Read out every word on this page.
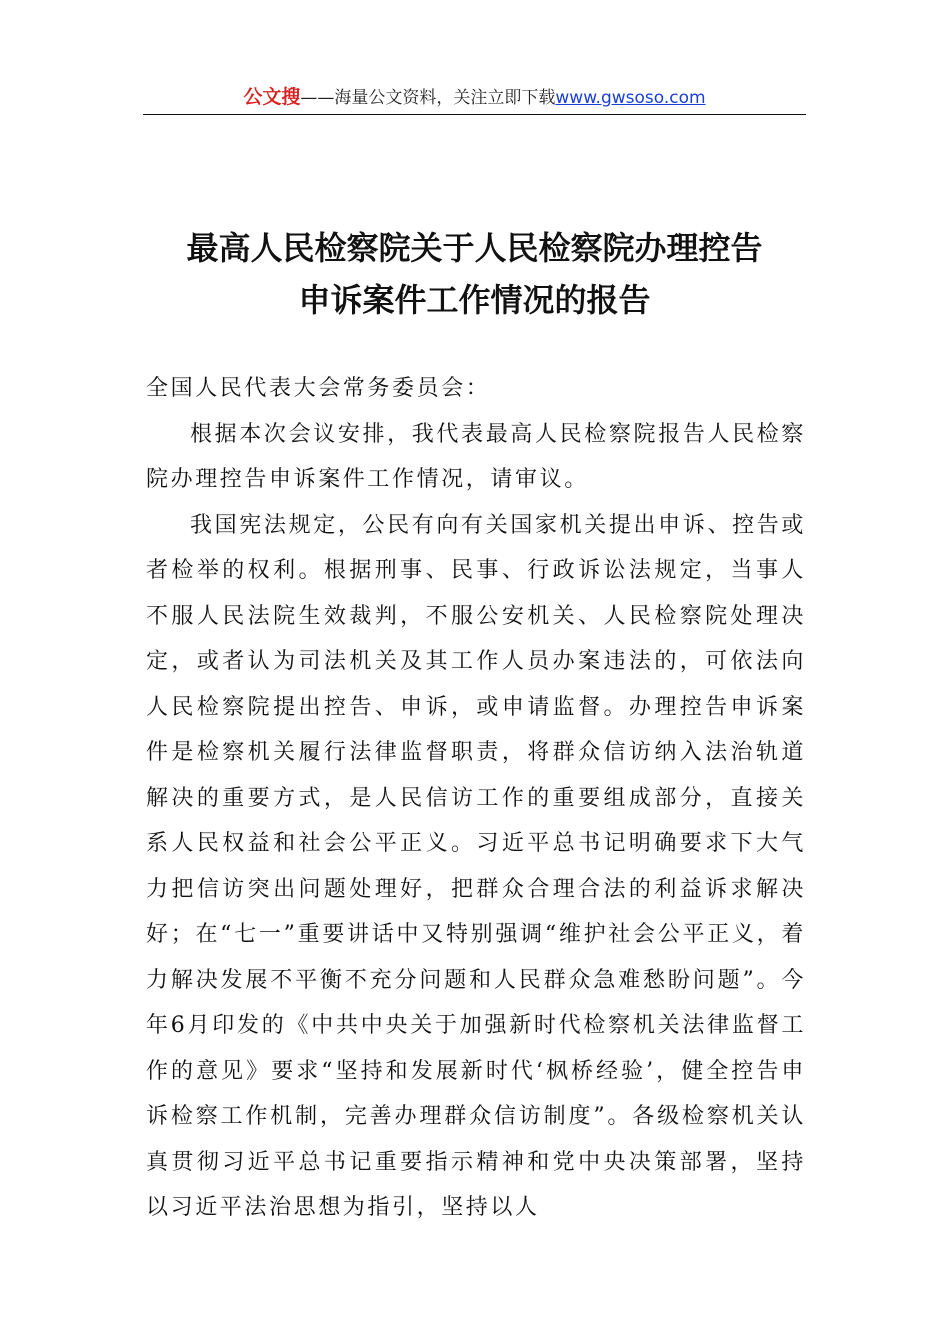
公文搜——海量公文资料，关注立即下载www.gwsoso.com
最高人民检察院关于人民检察院办理控告
申诉案件工作情况的报告

全国人民代表大会常务委员会：

根据本次会议安排，我代表最高人民检察院报告人民检察院办理控告申诉案件工作情况，请审议。

我国宪法规定，公民有向有关国家机关提出申诉、控告或者检举的权利。根据刑事、民事、行政诉讼法规定，当事人不服人民法院生效裁判，不服公安机关、人民检察院处理决定，或者认为司法机关及其工作人员办案违法的，可依法向人民检察院提出控告、申诉，或申请监督。办理控告申诉案件是检察机关履行法律监督职责，将群众信访纳入法治轨道解决的重要方式，是人民信访工作的重要组成部分，直接关系人民权益和社会公平正义。习近平总书记明确要求下大气力把信访突出问题处理好，把群众合理合法的利益诉求解决好；在“七一”重要讲话中又特别强调“维护社会公平正义，着力解决发展不平衡不充分问题和人民群众急难愁盼问题”。今年6月印发的《中共中央关于加强新时代检察机关法律监督工作的意见》要求“坚持和发展新时代‘枫桥经验’，健全控告申诉检察工作机制，完善办理群众信访制度”。各级检察机关认真贯彻习近平总书记重要指示精神和党中央决策部署，坚持以习近平法治思想为指引，坚持以人
